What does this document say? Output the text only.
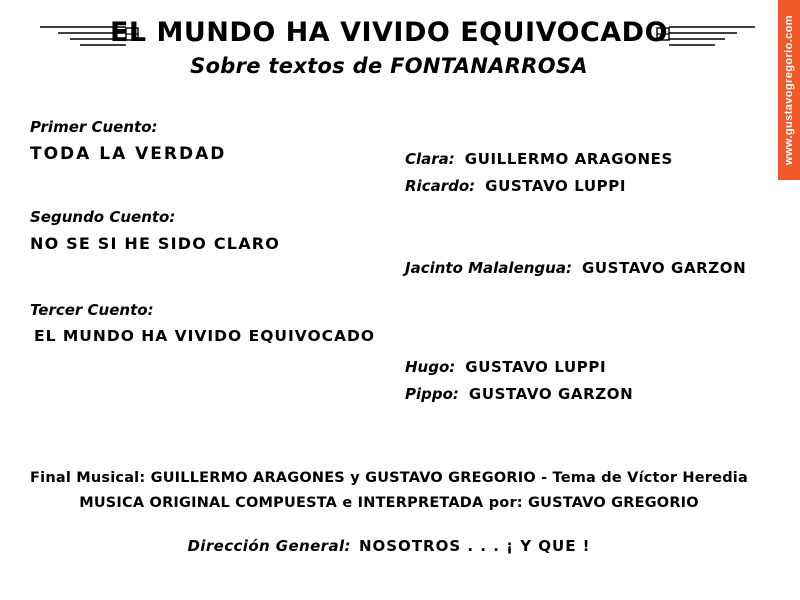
EL MUNDO HA VIVIDO EQUIVOCADO
Sobre textos de FONTANARROSA
Primer Cuento:
TODA LA VERDAD
Segundo Cuento:
NO SE SI HE SIDO CLARO
Tercer Cuento:
EL MUNDO HA VIVIDO EQUIVOCADO
Clara: GUILLERMO ARAGONES
Ricardo: GUSTAVO LUPPI
Jacinto Malalengua: GUSTAVO GARZON
Hugo: GUSTAVO LUPPI
Pippo: GUSTAVO GARZON
Final Musical: GUILLERMO ARAGONES y GUSTAVO GREGORIO - Tema de Víctor Heredia
MUSICA ORIGINAL COMPUESTA e INTERPRETADA por: GUSTAVO GREGORIO
Dirección General: NOSOTROS . . . ¡ Y QUE !
www.gustavogregorio.com
